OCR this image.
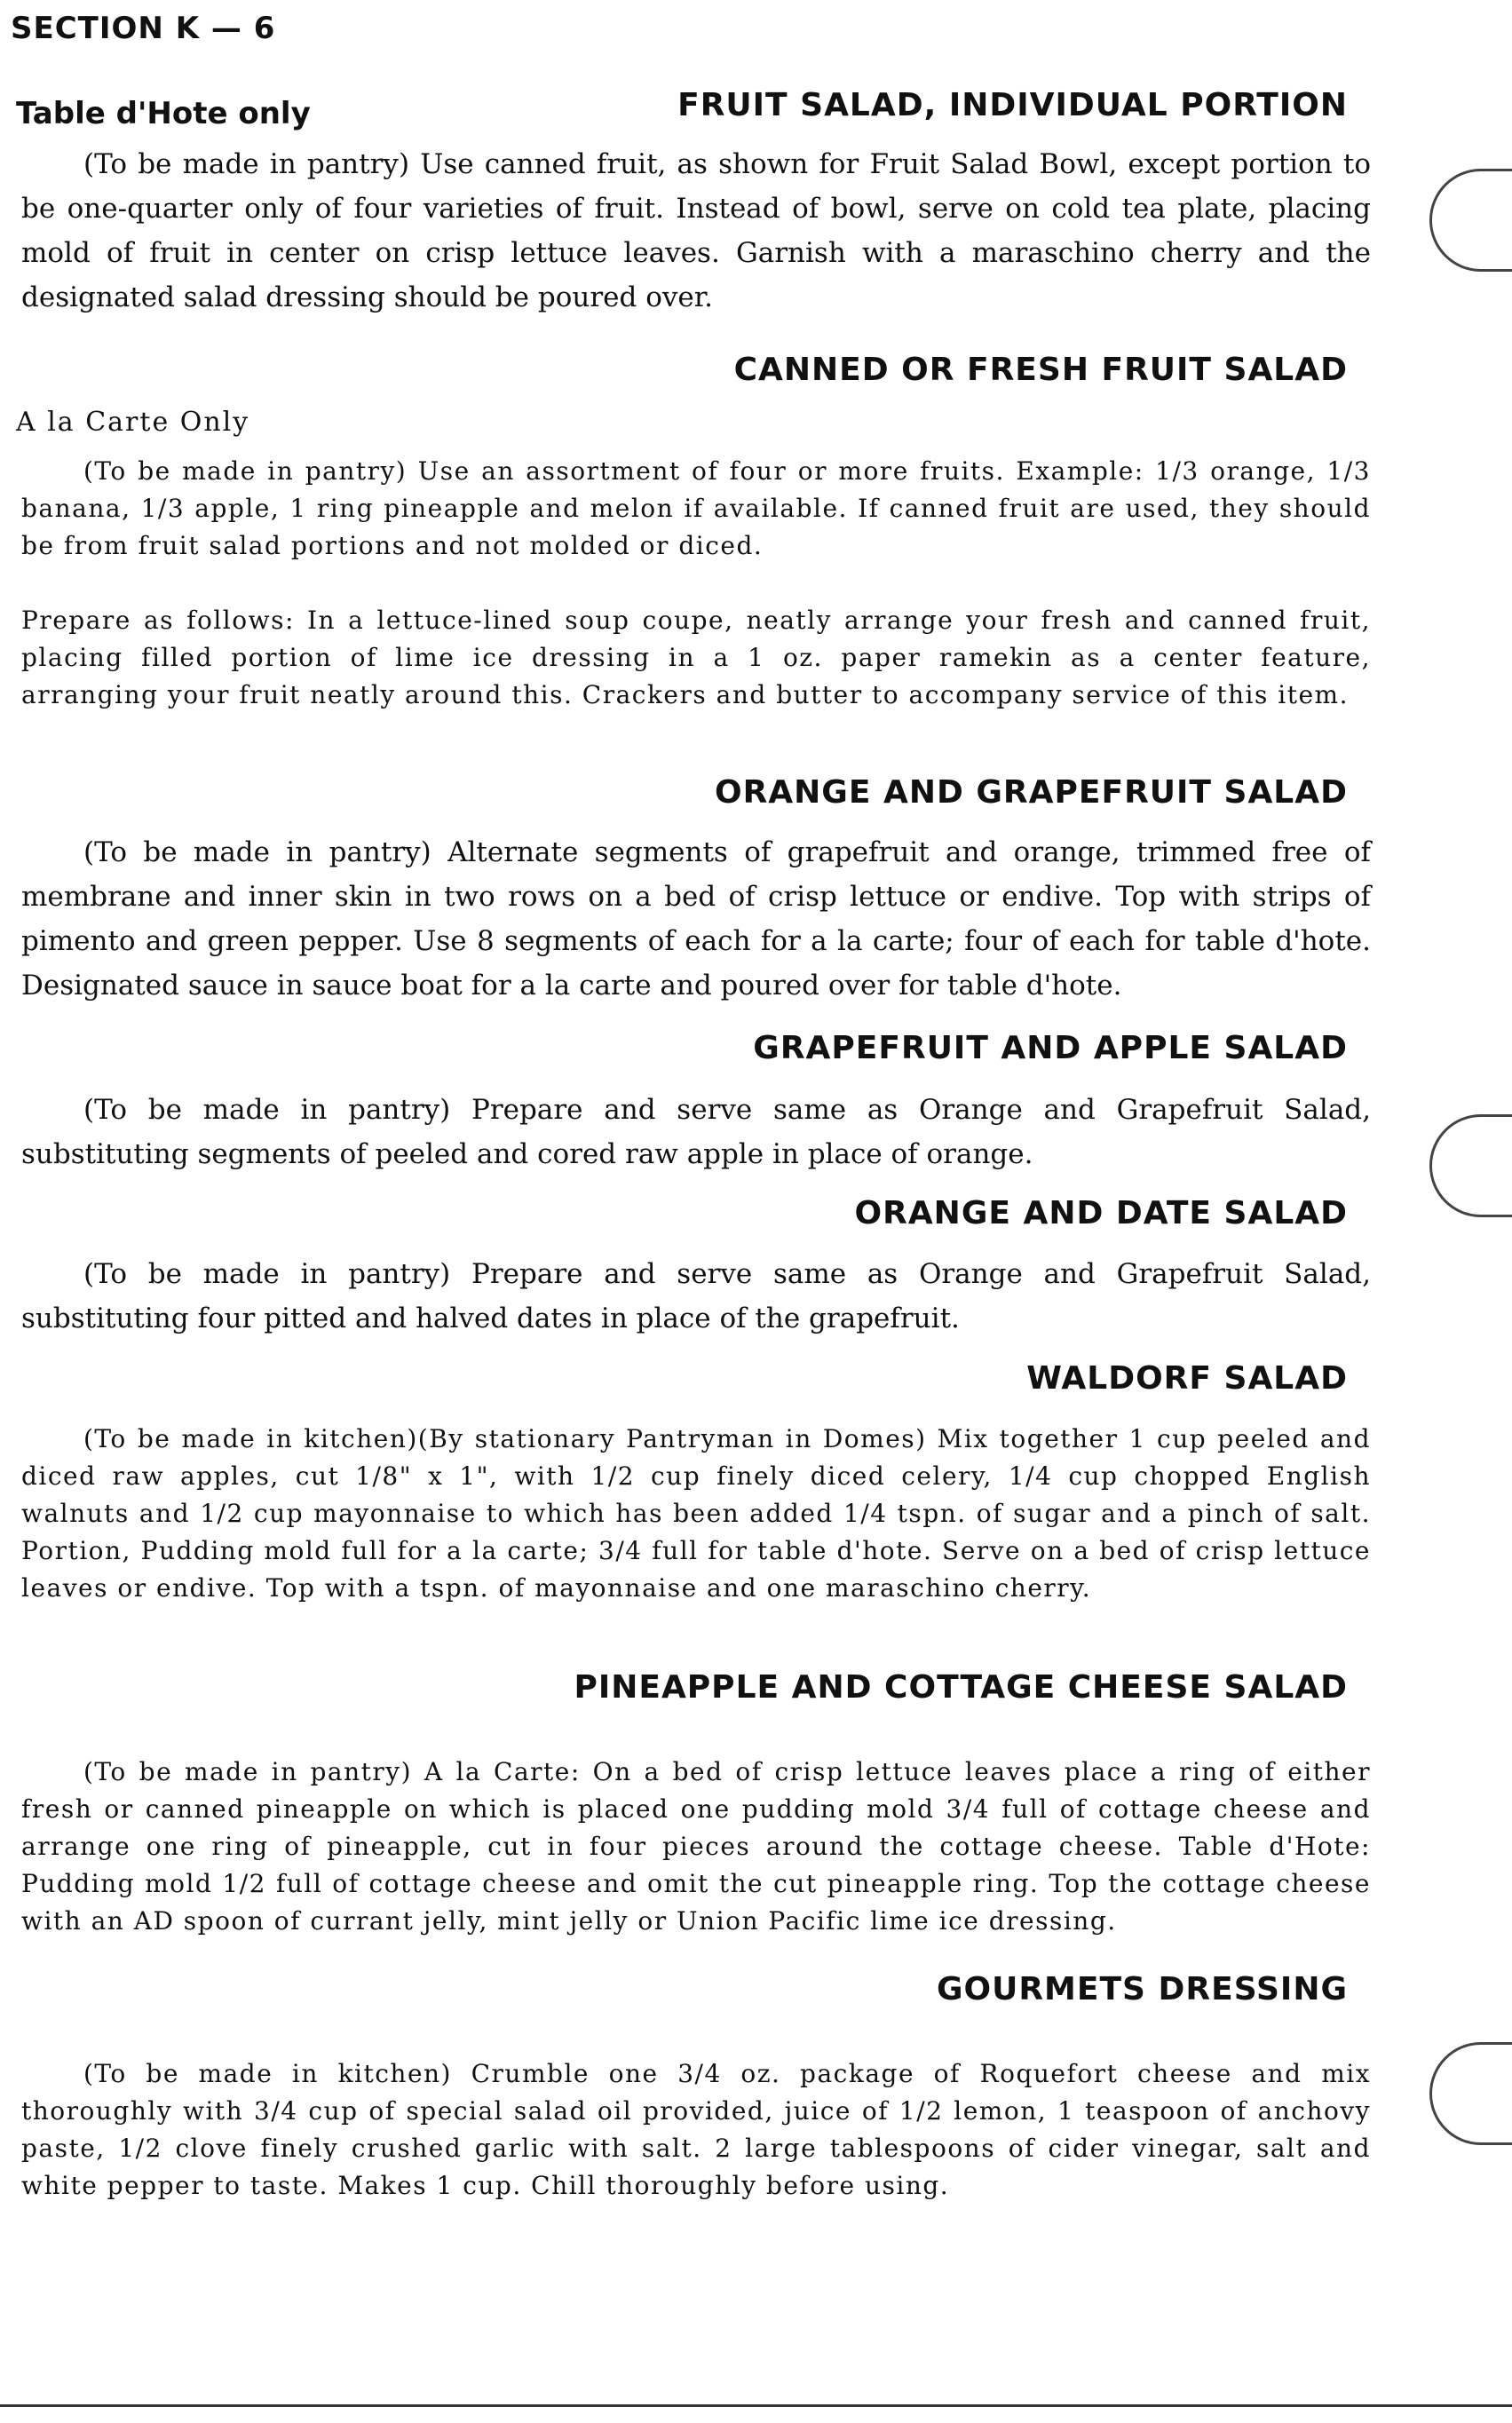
SECTION K — 6
Table d'Hote only	FRUIT SALAD, INDIVIDUAL PORTION
(To be made in pantry) Use canned fruit, as shown for Fruit Salad Bowl, except portion to be one-quarter only of four varieties of fruit. Instead of bowl, serve on cold tea plate, placing mold of fruit in center on crisp lettuce leaves. Garnish with a maraschino cherry and the designated salad dressing should be poured over.
CANNED OR FRESH FRUIT SALAD
A la Carte Only
(To be made in pantry) Use an assortment of four or more fruits. Example: 1/3 orange, 1/3 banana, 1/3 apple, 1 ring pineapple and melon if available. If canned fruit are used, they should be from fruit salad portions and not molded or diced.
Prepare as follows: In a lettuce-lined soup coupe, neatly arrange your fresh and canned fruit, placing filled portion of lime ice dressing in a 1 oz. paper ramekin as a center feature, arranging your fruit neatly around this. Crackers and butter to accompany service of this item.
ORANGE AND GRAPEFRUIT SALAD
(To be made in pantry) Alternate segments of grapefruit and orange, trimmed free of membrane and inner skin in two rows on a bed of crisp lettuce or endive. Top with strips of pimento and green pepper. Use 8 segments of each for a la carte; four of each for table d'hote. Designated sauce in sauce boat for a la carte and poured over for table d'hote.
GRAPEFRUIT AND APPLE SALAD
(To be made in pantry) Prepare and serve same as Orange and Grapefruit Salad, substituting segments of peeled and cored raw apple in place of orange.
ORANGE AND DATE SALAD
(To be made in pantry) Prepare and serve same as Orange and Grapefruit Salad, substituting four pitted and halved dates in place of the grapefruit.
WALDORF SALAD
(To be made in kitchen)(By stationary Pantryman in Domes) Mix together 1 cup peeled and diced raw apples, cut 1/8" x 1", with 1/2 cup finely diced celery, 1/4 cup chopped English walnuts and 1/2 cup mayonnaise to which has been added 1/4 tspn. of sugar and a pinch of salt. Portion, Pudding mold full for a la carte; 3/4 full for table d'hote. Serve on a bed of crisp lettuce leaves or endive. Top with a tspn. of mayonnaise and one maraschino cherry.
PINEAPPLE AND COTTAGE CHEESE SALAD
(To be made in pantry) A la Carte: On a bed of crisp lettuce leaves place a ring of either fresh or canned pineapple on which is placed one pudding mold 3/4 full of cottage cheese and arrange one ring of pineapple, cut in four pieces around the cottage cheese. Table d'Hote: Pudding mold 1/2 full of cottage cheese and omit the cut pineapple ring. Top the cottage cheese with an AD spoon of currant jelly, mint jelly or Union Pacific lime ice dressing.
GOURMETS DRESSING
(To be made in kitchen) Crumble one 3/4 oz. package of Roquefort cheese and mix thoroughly with 3/4 cup of special salad oil provided, juice of 1/2 lemon, 1 teaspoon of anchovy paste, 1/2 clove finely crushed garlic with salt. 2 large tablespoons of cider vinegar, salt and white pepper to taste. Makes 1 cup. Chill thoroughly before using.
